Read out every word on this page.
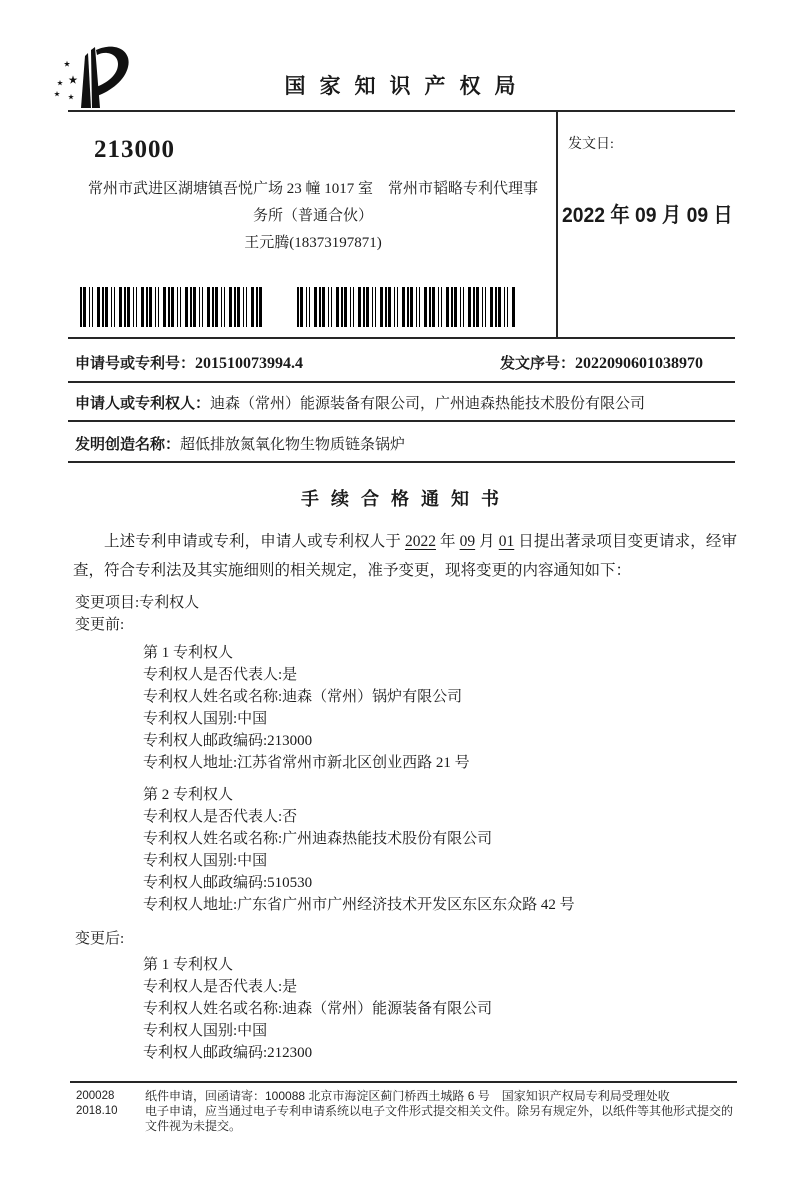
国家知识产权局
213000
常州市武进区湖塘镇吾悦广场 23 幢 1017 室　常州市韬略专利代理事
务所（普通合伙）
王元腾(18373197871)
发文日:
2022 年 09 月 09 日
申请号或专利号：201510073994.4	发文序号：2022090601038970
申请人或专利权人：迪森（常州）能源装备有限公司，广州迪森热能技术股份有限公司
发明创造名称：超低排放氮氧化物生物质链条锅炉
手续合格通知书
上述专利申请或专利，申请人或专利权人于 2022 年 09 月 01 日提出著录项目变更请求，经审查，符合专利法及其实施细则的相关规定，准予变更，现将变更的内容通知如下：
变更项目:专利权人
变更前:
第 1 专利权人
专利权人是否代表人:是
专利权人姓名或名称:迪森（常州）锅炉有限公司
专利权人国别:中国
专利权人邮政编码:213000
专利权人地址:江苏省常州市新北区创业西路 21 号
第 2 专利权人
专利权人是否代表人:否
专利权人姓名或名称:广州迪森热能技术股份有限公司
专利权人国别:中国
专利权人邮政编码:510530
专利权人地址:广东省广州市广州经济技术开发区东区东众路 42 号
变更后:
第 1 专利权人
专利权人是否代表人:是
专利权人姓名或名称:迪森（常州）能源装备有限公司
专利权人国别:中国
专利权人邮政编码:212300
200028
2018.10
纸件申请，回函请寄：100088 北京市海淀区蓟门桥西土城路 6 号　国家知识产权局专利局受理处收
电子申请，应当通过电子专利申请系统以电子文件形式提交相关文件。除另有规定外，以纸件等其他形式提交的
文件视为未提交。
